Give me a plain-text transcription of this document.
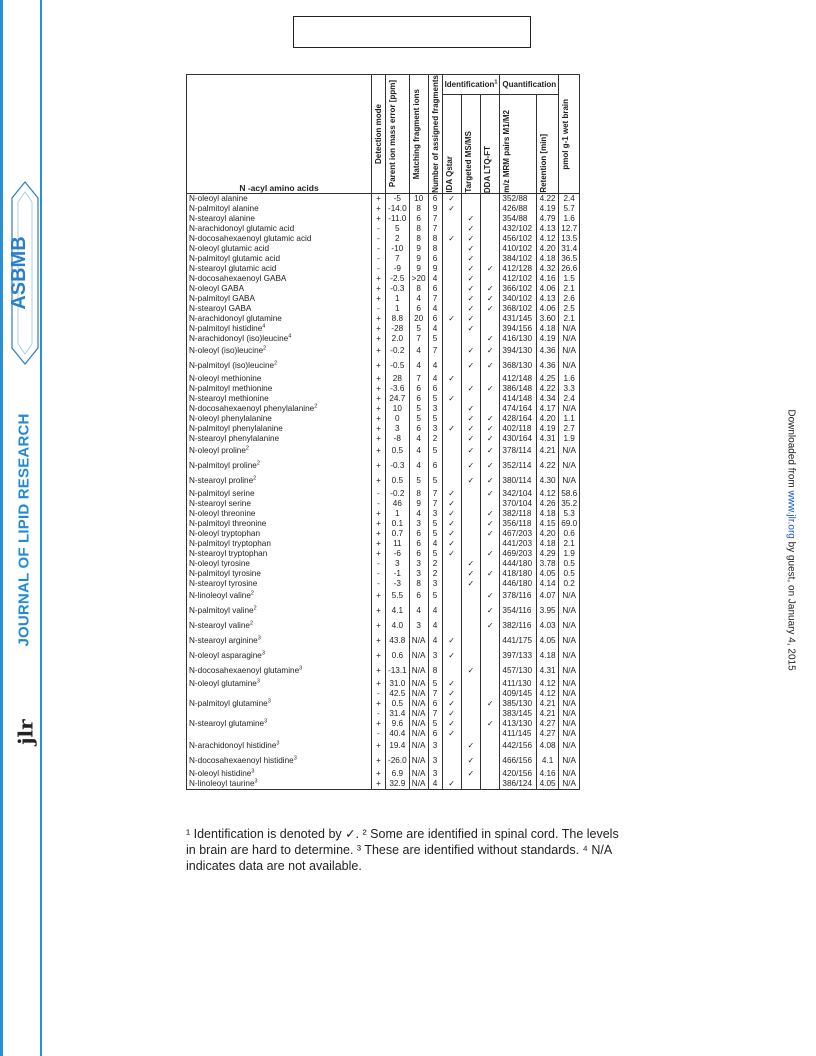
ASBMB
JOURNAL OF LIPID RESEARCH
jlr
Downloaded from www.jlr.org by guest, on January 4, 2015
N -acyl amino acids	Detection mode	Parent ion mass error [ppm]	Matching fragment ions	Number of assigned fragments	Identification$^1$			Quantification		pmol g-1 wet brain

					IDA Qstar	Targeted MS/MS	DDA LTQ-FT	m/z MRM pairs M1/M2	Retention [min]	

N-oleoyl alanine	+	-5	10	6	✓			352/88	4.22	2.4
N-palmitoyl alanine	+	-14.0	8	9	✓			426/88	4.19	5.7
N-stearoyl alanine	+	-11.0	6	7		✓		354/88	4.79	1.6
N-arachidonoyl glutamic acid	-	5	8	7		✓		432/102	4.13	12.7
N-docosahexaenoyl glutamic acid	-	2	8	8	✓	✓		456/102	4.12	13.5
N-oleoyl glutamic acid	-	-10	9	8		✓		410/102	4.20	31.4
N-palmitoyl glutamic acid	-	7	9	6		✓		384/102	4.18	36.5
N-stearoyl glutamic acid	-	-9	9	9		✓	✓	412/128	4.32	26.6
N-docosahexaenoyl GABA	+	-2.5	>20	4		✓		412/102	4.16	1.5
N-oleoyl GABA	+	-0.3	8	6		✓	✓	366/102	4.06	2.1
N-palmitoyl GABA	+	1	4	7		✓	✓	340/102	4.13	2.6
N-stearoyl GABA	-	1	6	4		✓	✓	368/102	4.06	2.5
N-arachidonoyl glutamine	+	8.8	20	6	✓	✓		431/145	3.60	2.1
N-palmitoyl histidine$^4$	+	-28	5	4		✓		394/156	4.18	N/A
N-arachidonoyl (iso)leucine$^4$	+	2.0	7	5			✓	416/130	4.19	N/A
N-oleoyl (iso)leucine$^2$	+	-0.2	4	7		✓	✓	394/130	4.36	N/A
N-palmitoyl (iso)leucine$^2$	+	-0.5	4	4		✓	✓	368/130	4.36	N/A
N-oleoyl methionine	+	28	7	4	✓			412/148	4.25	1.6
N-palmitoyl methionine	+	-3.6	6	6		✓	✓	386/148	4.22	3.3
N-stearoyl methionine	+	24.7	6	5	✓			414/148	4.34	2.4
N-docosahexaenoyl phenylalanine$^2$	+	10	5	3		✓		474/164	4.17	N/A
N-oleoyl phenylalanine	+	0	5	5		✓	✓	428/164	4.20	1.1
N-palmitoyl phenylalanine	+	3	6	3	✓	✓	✓	402/118	4.19	2.7
N-stearoyl phenylalanine	+	-8	4	2		✓	✓	430/164	4.31	1.9
N-oleoyl proline$^2$	+	0.5	4	5		✓	✓	378/114	4.21	N/A
N-palmitoyl proline$^2$	+	-0.3	4	6		✓	✓	352/114	4.22	N/A
N-stearoyl proline$^2$	+	0.5	5	5		✓	✓	380/114	4.30	N/A
N-palmitoyl serine	-	-0.2	8	7	✓		✓	342/104	4.12	58.6
N-stearoyl serine	-	46	9	7	✓			370/104	4.26	35.2
N-oleoyl threonine	+	1	4	3	✓		✓	382/118	4.18	5.3
N-palmitoyl threonine	+	0.1	3	5	✓		✓	356/118	4.15	69.0
N-oleoyl tryptophan	+	0.7	6	5	✓		✓	467/203	4.20	0.6
N-palmitoyl tryptophan	+	11	6	4	✓			441/203	4.18	2.1
N-stearoyl tryptophan	+	-6	6	5	✓		✓	469/203	4.29	1.9
N-oleoyl tyrosine	-	3	3	2		✓		444/180	3.78	0.5
N-palmitoyl tyrosine	-	-1	3	2		✓	✓	418/180	4.05	0.5
N-stearoyl tyrosine	-	-3	8	3		✓		446/180	4.14	0.2
N-linoleoyl valine$^2$	+	5.5	6	5			✓	378/116	4.07	N/A
N-palmitoyl valine$^2$	+	4.1	4	4			✓	354/116	3.95	N/A
N-stearoyl valine$^2$	+	4.0	3	4			✓	382/116	4.03	N/A
N-stearoyl arginine$^3$	+	43.8	N/A	4	✓			441/175	4.05	N/A
N-oleoyl asparagine$^3$	+	0.6	N/A	3	✓			397/133	4.18	N/A
N-docosahexaenoyl glutamine$^3$	+	-13.1	N/A	8		✓		457/130	4.31	N/A
N-oleoyl glutamine$^3$	+	31.0	N/A	5	✓			411/130	4.12	N/A
	-	42.5	N/A	7	✓			409/145	4.12	N/A
N-palmitoyl glutamine$^3$	+	0.5	N/A	6	✓		✓	385/130	4.21	N/A
	-	31.4	N/A	7	✓			383/145	4.21	N/A
N-stearoyl glutamine$^3$	+	9.6	N/A	5	✓		✓	413/130	4.27	N/A
	-	40.4	N/A	6	✓			411/145	4.27	N/A
N-arachidonoyl histidine$^3$	+	19.4	N/A	3		✓		442/156	4.08	N/A
N-docosahexaenoyl histidine$^3$	+	-26.0	N/A	3		✓		466/156	4.1	N/A
N-oleoyl histidine$^3$	+	6.9	N/A	3		✓		420/156	4.16	N/A
N-linoleoyl taurine$^3$	+	32.9	N/A	4	✓			386/124	4.05	N/A
¹ Identification is denoted by ✓. ² Some are identified in spinal cord. The levels in brain are hard to determine. ³ These are identified without standards. ⁴ N/A indicates data are not available.
